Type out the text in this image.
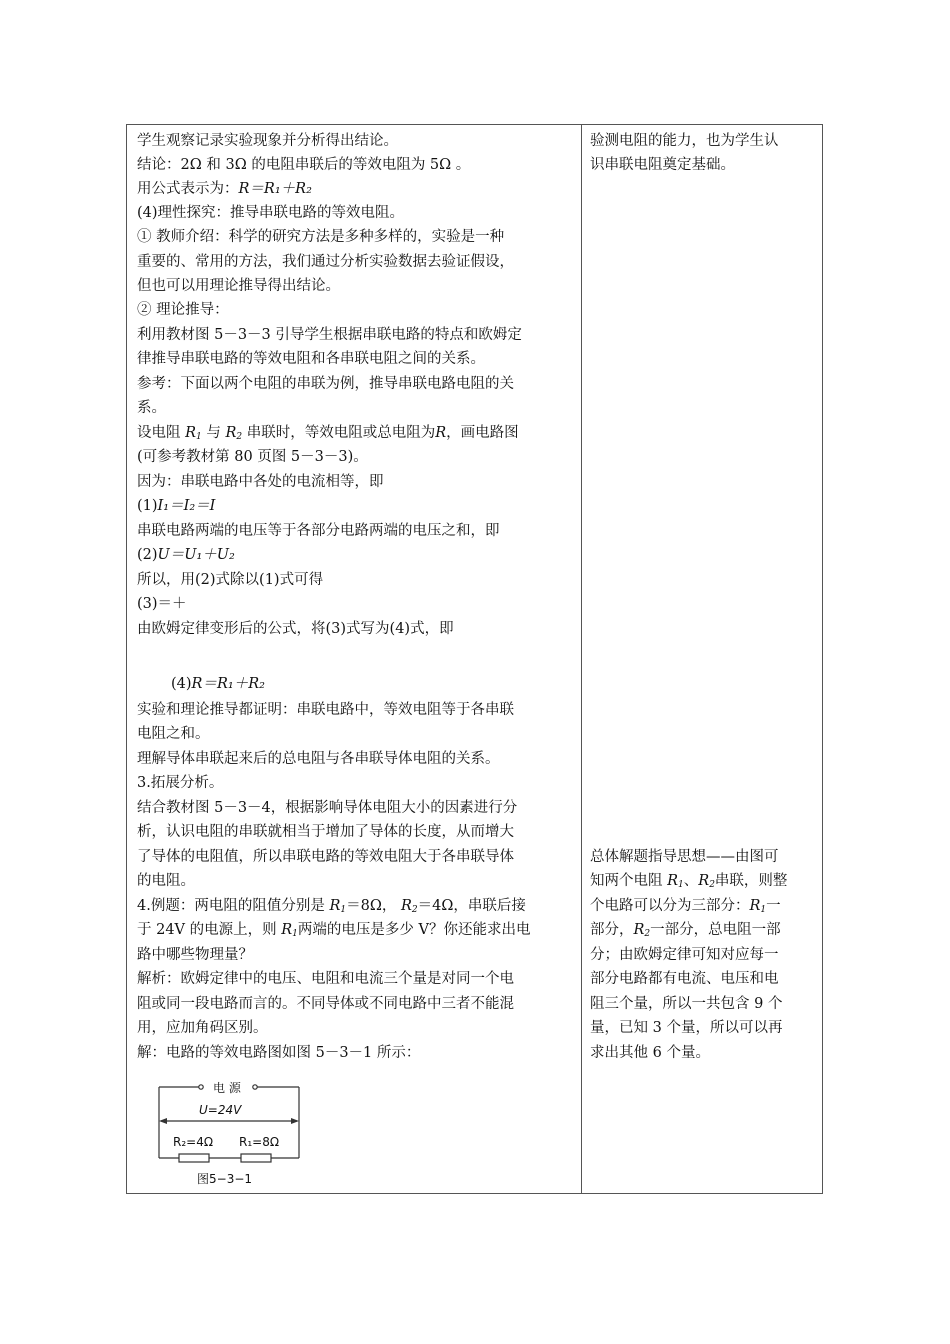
学生观察记录实验现象并分析得出结论。
结论：2Ω 和 3Ω 的电阻串联后的等效电阻为 5Ω 。
用公式表示为：R＝R₁＋R₂
(4)理性探究：推导串联电路的等效电阻。
① 教师介绍：科学的研究方法是多种多样的，实验是一种
重要的、常用的方法，我们通过分析实验数据去验证假设，
但也可以用理论推导得出结论。
② 理论推导：
利用教材图 5－3－3 引导学生根据串联电路的特点和欧姆定
律推导串联电路的等效电阻和各串联电阻之间的关系。
参考：下面以两个电阻的串联为例，推导串联电路电阻的关
系。
设电阻 $R_1$ 与 $R_2$ 串联时，等效电阻或总电阻为R，画电路图
(可参考教材第 80 页图 5－3－3)。
因为：串联电路中各处的电流相等，即
(1)I₁＝I₂＝I
串联电路两端的电压等于各部分电路两端的电压之和，即
(2)U＝U₁＋U₂
所以，用(2)式除以(1)式可得
(3)＝＋
由欧姆定律变形后的公式，将(3)式写为(4)式，即
(4)R＝R₁＋R₂
实验和理论推导都证明：串联电路中，等效电阻等于各串联
电阻之和。
理解导体串联起来后的总电阻与各串联导体电阻的关系。
3.拓展分析。
结合教材图 5－3－4，根据影响导体电阻大小的因素进行分
析，认识电阻的串联就相当于增加了导体的长度，从而增大
了导体的电阻值，所以串联电路的等效电阻大于各串联导体
的电阻。
4.例题：两电阻的阻值分别是 $R_1=8\Omega$， $R_2=4\Omega$，串联后接
于 24V 的电源上，则 $R_1$两端的电压是多少 V？你还能求出电
路中哪些物理量？
解析：欧姆定律中的电压、电阻和电流三个量是对同一个电
阻或同一段电路而言的。不同导体或不同电路中三者不能混
用，应加角码区别。
解：电路的等效电路图如图 5－3－1 所示：
电 源
U=24V
R₂=4Ω R₁=8Ω
图5−3−1
验测电阻的能力，也为学生认
识串联电阻奠定基础。
总体解题指导思想——由图可
知两个电阻 $R_1$、$R_2$串联，则整
个电路可以分为三部分：$R_1$一
部分，$R_2$一部分，总电阻一部
分；由欧姆定律可知对应每一
部分电路都有电流、电压和电
阻三个量，所以一共包含 9 个
量，已知 3 个量，所以可以再
求出其他 6 个量。
